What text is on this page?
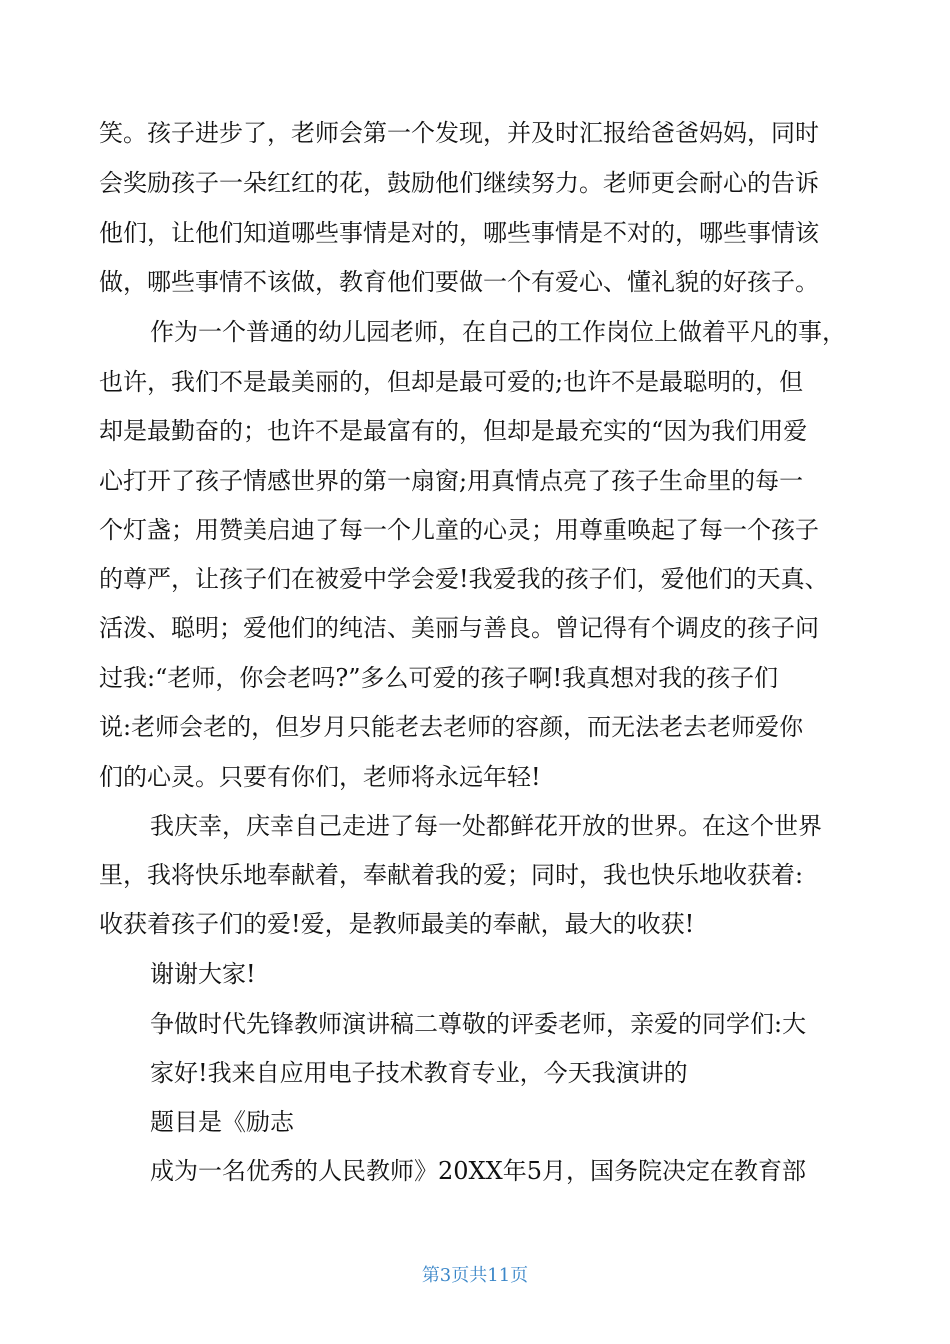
笑。孩子进步了，老师会第一个发现，并及时汇报给爸爸妈妈，同时
会奖励孩子一朵红红的花，鼓励他们继续努力。老师更会耐心的告诉
他们，让他们知道哪些事情是对的，哪些事情是不对的，哪些事情该
做，哪些事情不该做，教育他们要做一个有爱心、懂礼貌的好孩子。
作为一个普通的幼儿园老师，在自己的工作岗位上做着平凡的事，
也许，我们不是最美丽的，但却是最可爱的;也许不是最聪明的，但
却是最勤奋的；也许不是最富有的，但却是最充实的“因为我们用爱
心打开了孩子情感世界的第一扇窗;用真情点亮了孩子生命里的每一
个灯盏；用赞美启迪了每一个儿童的心灵；用尊重唤起了每一个孩子
的尊严，让孩子们在被爱中学会爱!我爱我的孩子们，爱他们的天真、
活泼、聪明；爱他们的纯洁、美丽与善良。曾记得有个调皮的孩子问
过我:“老师，你会老吗?”多么可爱的孩子啊!我真想对我的孩子们
说:老师会老的，但岁月只能老去老师的容颜，而无法老去老师爱你
们的心灵。只要有你们，老师将永远年轻!
我庆幸，庆幸自己走进了每一处都鲜花开放的世界。在这个世界
里，我将快乐地奉献着，奉献着我的爱；同时，我也快乐地收获着:
收获着孩子们的爱!爱，是教师最美的奉献，最大的收获!
谢谢大家!
争做时代先锋教师演讲稿二尊敬的评委老师，亲爱的同学们:大
家好!我来自应用电子技术教育专业，今天我演讲的
题目是《励志
成为一名优秀的人民教师》20XX年5月，国务院决定在教育部
第3页共11页
